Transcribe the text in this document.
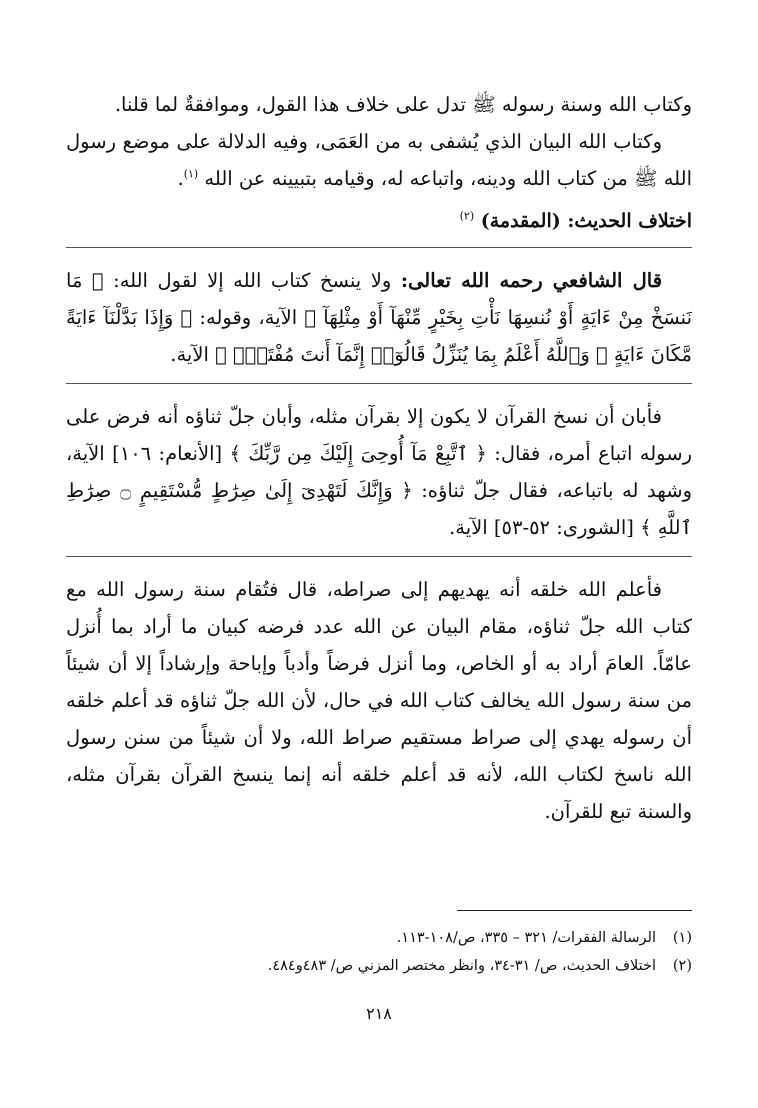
وكتاب الله وسنة رسوله ﷺ تدل على خلاف هذا القول، وموافقةٌ لما قلنا.

وكتاب الله البيان الذي يُشفى به من العَمَى، وفيه الدلالة على موضع رسول الله ﷺ من كتاب الله ودينه، واتباعه له، وقيامه بتبيينه عن الله $^{(١)}$.

اختلاف الحديث: (المقدمة) $^{(٢)}$

قال الشافعي رحمه الله تعالى: ولا ينسخ كتاب الله إلا لقول الله: ﴿ مَا نَنسَخْ مِنْ ءَايَةٍ أَوْ نُنسِهَا نَأْتِ بِخَيْرٍ مِّنْهَآ أَوْ مِثْلِهَآ ﴾ الآية، وقوله: ﴿ وَإِذَا بَدَّلْنَآ ءَايَةً مَّكَانَ ءَايَةٍ ۙ وَٱللَّهُ أَعْلَمُ بِمَا يُنَزِّلُ قَالُوٓا۟ إِنَّمَآ أَنتَ مُفْتَرٍۭ ﴾ الآية.

فأبان أن نسخ القرآن لا يكون إلا بقرآن مثله، وأبان جلّ ثناؤه أنه فرض على رسوله اتباع أمره، فقال: ﴿ ٱتَّبِعْ مَآ أُوحِىَ إِلَيْكَ مِن رَّبِّكَ ﴾ [الأنعام: ١٠٦] الآية، وشهد له باتباعه، فقال جلّ ثناؤه: ﴿ وَإِنَّكَ لَتَهْدِىٓ إِلَىٰ صِرَٰطٍ مُّسْتَقِيمٍ ۝ صِرَٰطِ ٱللَّهِ ﴾ [الشورى: ٥٢-٥٣] الآية.

فأعلم الله خلقه أنه يهديهم إلى صراطه، قال فتُقام سنة رسول الله مع كتاب الله جلّ ثناؤه، مقام البيان عن الله عدد فرضه كبيان ما أراد بما أُنزل عامّاً. العامَ أراد به أو الخاص، وما أنزل فرضاً وأدباً وإباحة وإرشاداً إلا أن شيئاً من سنة رسول الله يخالف كتاب الله في حال، لأن الله جلّ ثناؤه قد أعلم خلقه أن رسوله يهدي إلى صراط مستقيم صراط الله، ولا أن شيئاً من سنن رسول الله ناسخ لكتاب الله، لأنه قد أعلم خلقه أنه إنما ينسخ القرآن بقرآن مثله، والسنة تبع للقرآن.

(١)
الرسالة الفقرات/ ٣٢١ – ٣٣٥، ص/١٠٨-١١٣.
(٢)
اختلاف الحديث، ص/ ٣١-٣٤، وانظر مختصر المزني ص/ ٤٨٣و٤٨٤.
٢١٨
